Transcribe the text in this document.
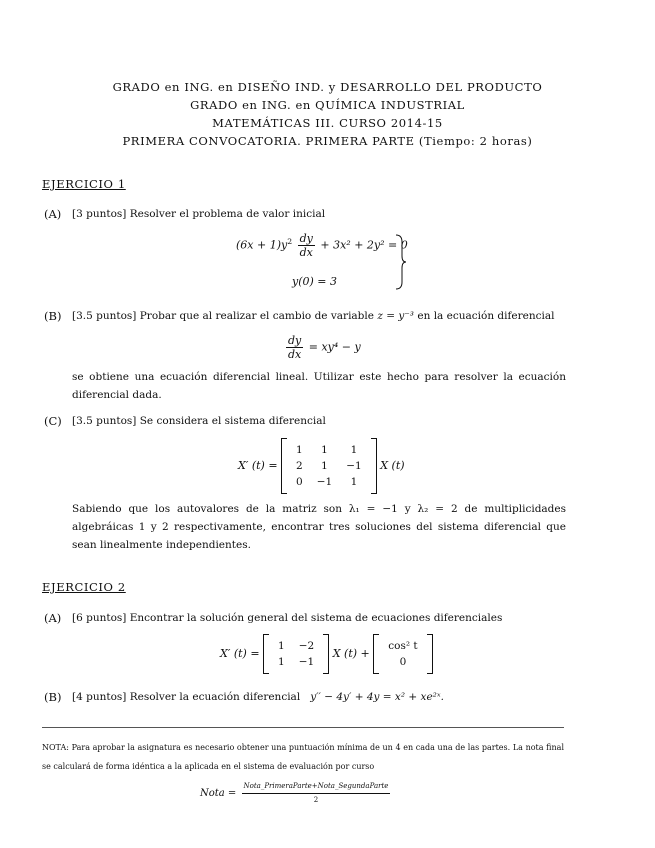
GRADO en ING. en DISEÑO IND. y DESARROLLO DEL PRODUCTO
GRADO en ING. en QUÍMICA INDUSTRIAL
MATEMÁTICAS III. CURSO 2014-15
PRIMERA CONVOCATORIA. PRIMERA PARTE (Tiempo: 2 horas)
EJERCICIO 1
(A) [3 puntos] Resolver el problema de valor inicial
$(6x + 1)y^2 \frac{dy}{dx} + 3x^2 + 2y^2 = 0$
y(0) = 3
(B) [3.5 puntos] Probar que al realizar el cambio de variable z = y⁻³ en la ecuación diferencial
$\frac{dy}{dx} = xy^4 - y$
se obtiene una ecuación diferencial lineal. Utilizar este hecho para resolver la ecuación diferencial dada.
(C) [3.5 puntos] Se considera el sistema diferencial
X′ (t) =
1	1	1
2	1	−1
0	−1	1
X (t)
Sabiendo que los autovalores de la matriz son λ₁ = −1 y λ₂ = 2 de multiplicidades algebráicas 1 y 2 respectivamente, encontrar tres soluciones del sistema diferencial que sean linealmente independientes.
EJERCICIO 2
(A) [6 puntos] Encontrar la solución general del sistema de ecuaciones diferenciales
X′ (t) =
1	−2
1	−1
X (t) +
cos² t
0
(B) [4 puntos] Resolver la ecuación diferencial y′′ − 4y′ + 4y = x² + xe²ˣ.
NOTA: Para aprobar la asignatura es necesario obtener una puntuación mínima de un 4 en cada una de las partes. La nota final se calculará de forma idéntica a la aplicada en el sistema de evaluación por curso
Nota = $\frac{\text{Nota\_PrimeraParte+Nota\_SegundaParte}}{2}$
